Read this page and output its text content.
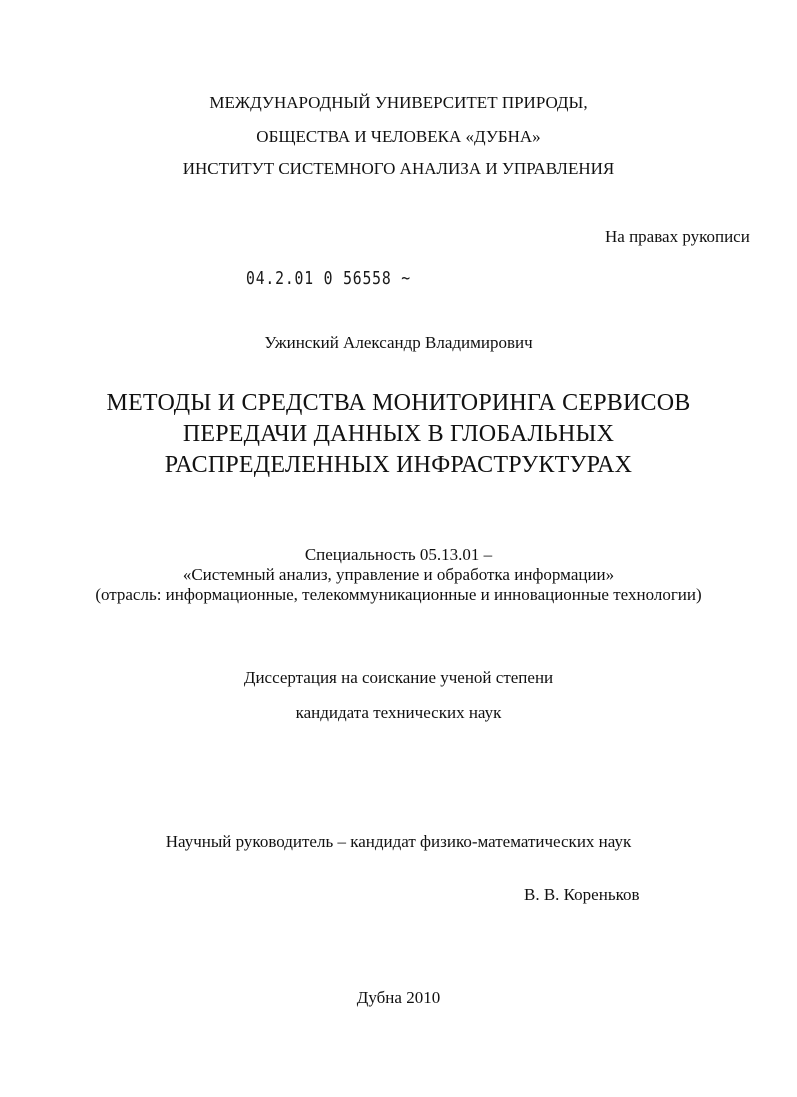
МЕЖДУНАРОДНЫЙ УНИВЕРСИТЕТ ПРИРОДЫ,
ОБЩЕСТВА И ЧЕЛОВЕКА «ДУБНА»
ИНСТИТУТ СИСТЕМНОГО АНАЛИЗА И УПРАВЛЕНИЯ
На правах рукописи
04.2.01 0 56558 ~
Ужинский Александр Владимирович
МЕТОДЫ И СРЕДСТВА МОНИТОРИНГА СЕРВИСОВ
ПЕРЕДАЧИ ДАННЫХ В ГЛОБАЛЬНЫХ
РАСПРЕДЕЛЕННЫХ ИНФРАСТРУКТУРАХ
Специальность 05.13.01 –
«Системный анализ, управление и обработка информации»
(отрасль: информационные, телекоммуникационные и инновационные технологии)
Диссертация на соискание ученой степени
кандидата технических наук
Научный руководитель – кандидат физико-математических наук
В. В. Кореньков
Дубна 2010
